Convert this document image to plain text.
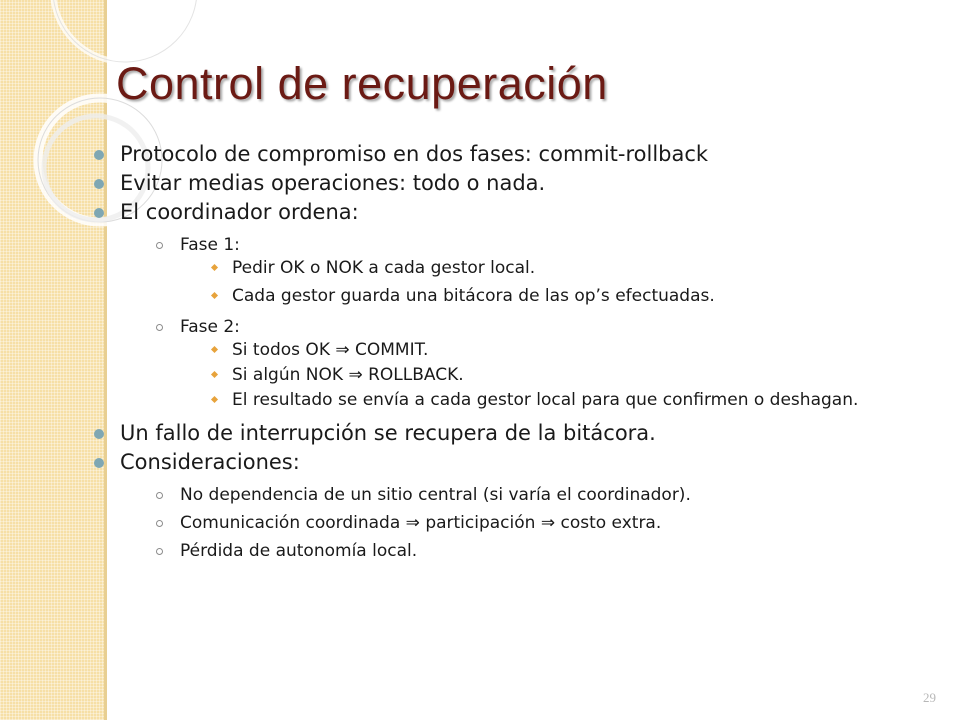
Control de recuperación
Protocolo de compromiso en dos fases: commit-rollback
Evitar medias operaciones: todo o nada.
El coordinador ordena:
Fase 1:
Pedir OK o NOK a cada gestor local.
Cada gestor guarda una bitácora de las op’s efectuadas.
Fase 2:
Si todos OK ⇒ COMMIT.
Si algún NOK ⇒ ROLLBACK.
El resultado se envía a cada gestor local para que confirmen o deshagan.
Un fallo de interrupción se recupera de la bitácora.
Consideraciones:
No dependencia de un sitio central (si varía el coordinador).
Comunicación coordinada ⇒ participación ⇒ costo extra.
Pérdida de autonomía local.
29
